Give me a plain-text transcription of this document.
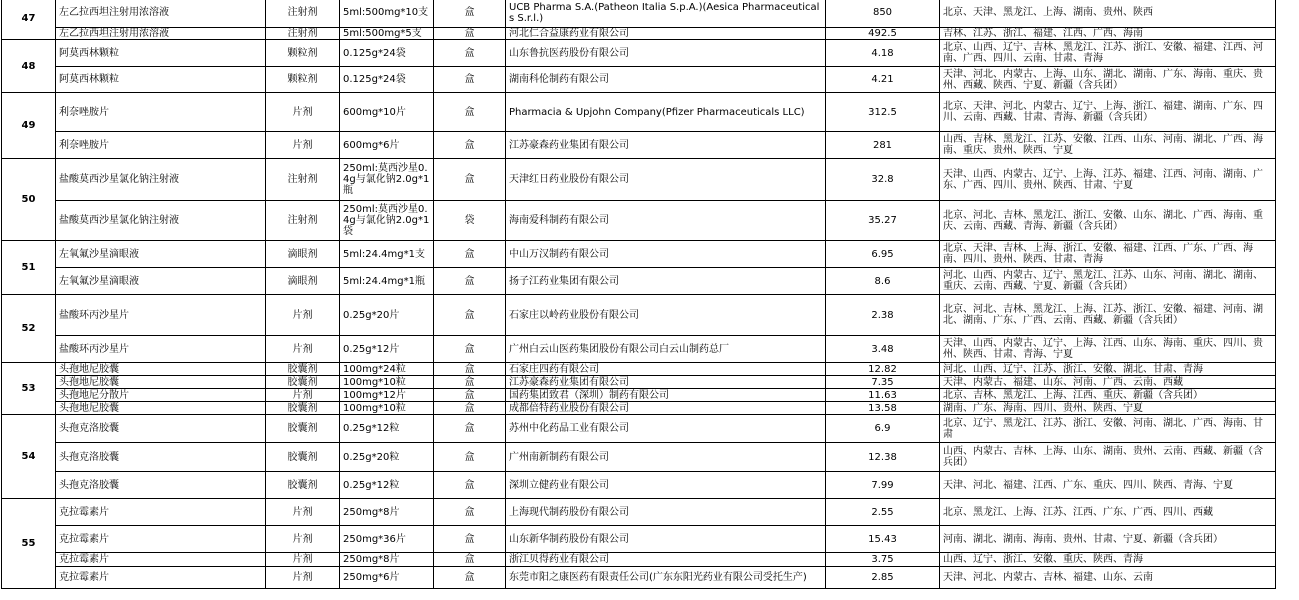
47	左乙拉西坦注射用浓溶液	注射剂	5ml:500mg*10支	盒	UCB Pharma S.A.(Patheon Italia S.p.A.)(Aesica Pharmaceuticals S.r.l.)	850	北京、天津、黑龙江、上海、湖南、贵州、陕西
	左乙拉西坦注射用浓溶液	注射剂	5ml:500mg*5支	盒	河北仁合益康药业有限公司	492.5	吉林、江苏、浙江、福建、江西、广西、海南
48	阿莫西林颗粒	颗粒剂	0.125g*24袋	盒	山东鲁抗医药股份有限公司	4.18	北京、山西、辽宁、吉林、黑龙江、江苏、浙江、安徽、福建、江西、河南、广西、四川、云南、甘肃、青海
	阿莫西林颗粒	颗粒剂	0.125g*24袋	盒	湖南科伦制药有限公司	4.21	天津、河北、内蒙古、上海、山东、湖北、湖南、广东、海南、重庆、贵州、西藏、陕西、宁夏、新疆（含兵团）
49	利奈唑胺片	片剂	600mg*10片	盒	Pharmacia & Upjohn Company(Pfizer Pharmaceuticals LLC)	312.5	北京、天津、河北、内蒙古、辽宁、上海、浙江、福建、湖南、广东、四川、云南、西藏、甘肃、青海、新疆（含兵团）
	利奈唑胺片	片剂	600mg*6片	盒	江苏豪森药业集团有限公司	281	山西、吉林、黑龙江、江苏、安徽、江西、山东、河南、湖北、广西、海南、重庆、贵州、陕西、宁夏
50	盐酸莫西沙星氯化钠注射液	注射剂	250ml:莫西沙星0.4g与氯化钠2.0g*1瓶	盒	天津红日药业股份有限公司	32.8	天津、山西、内蒙古、辽宁、上海、江苏、福建、江西、河南、湖南、广东、广西、四川、贵州、陕西、甘肃、宁夏
	盐酸莫西沙星氯化钠注射液	注射剂	250ml:莫西沙星0.4g与氯化钠2.0g*1袋	袋	海南爱科制药有限公司	35.27	北京、河北、吉林、黑龙江、浙江、安徽、山东、湖北、广西、海南、重庆、云南、西藏、青海、新疆（含兵团）
51	左氧氟沙星滴眼液	滴眼剂	5ml:24.4mg*1支	盒	中山万汉制药有限公司	6.95	北京、天津、吉林、上海、浙江、安徽、福建、江西、广东、广西、海南、四川、贵州、陕西、甘肃、青海
	左氧氟沙星滴眼液	滴眼剂	5ml:24.4mg*1瓶	盒	扬子江药业集团有限公司	8.6	河北、山西、内蒙古、辽宁、黑龙江、江苏、山东、河南、湖北、湖南、重庆、云南、西藏、宁夏、新疆（含兵团）
52	盐酸环丙沙星片	片剂	0.25g*20片	盒	石家庄以岭药业股份有限公司	2.38	北京、河北、吉林、黑龙江、上海、江苏、浙江、安徽、福建、河南、湖北、湖南、广东、广西、云南、西藏、新疆（含兵团）
	盐酸环丙沙星片	片剂	0.25g*12片	盒	广州白云山医药集团股份有限公司白云山制药总厂	3.48	天津、山西、内蒙古、辽宁、上海、江西、山东、海南、重庆、四川、贵州、陕西、甘肃、青海、宁夏
53	头孢地尼胶囊	胶囊剂	100mg*24粒	盒	石家庄四药有限公司	12.82	河北、山西、辽宁、江苏、浙江、安徽、湖北、甘肃、青海
	头孢地尼胶囊	胶囊剂	100mg*10粒	盒	江苏豪森药业集团有限公司	7.35	天津、内蒙古、福建、山东、河南、广西、云南、西藏
	头孢地尼分散片	片剂	100mg*12片	盒	国药集团致君（深圳）制药有限公司	11.63	北京、吉林、黑龙江、上海、江西、重庆、新疆（含兵团）
	头孢地尼胶囊	胶囊剂	100mg*10粒	盒	成都倍特药业股份有限公司	13.58	湖南、广东、海南、四川、贵州、陕西、宁夏
54	头孢克洛胶囊	胶囊剂	0.25g*12粒	盒	苏州中化药品工业有限公司	6.9	北京、辽宁、黑龙江、江苏、浙江、安徽、河南、湖北、广西、海南、甘肃
	头孢克洛胶囊	胶囊剂	0.25g*20粒	盒	广州南新制药有限公司	12.38	山西、内蒙古、吉林、上海、山东、湖南、贵州、云南、西藏、新疆（含兵团）
	头孢克洛胶囊	胶囊剂	0.25g*12粒	盒	深圳立健药业有限公司	7.99	天津、河北、福建、江西、广东、重庆、四川、陕西、青海、宁夏
55	克拉霉素片	片剂	250mg*8片	盒	上海现代制药股份有限公司	2.55	北京、黑龙江、上海、江苏、江西、广东、广西、四川、西藏
	克拉霉素片	片剂	250mg*36片	盒	山东新华制药股份有限公司	15.43	河南、湖北、湖南、海南、贵州、甘肃、宁夏、新疆（含兵团）
	克拉霉素片	片剂	250mg*8片	盒	浙江贝得药业有限公司	3.75	山西、辽宁、浙江、安徽、重庆、陕西、青海
	克拉霉素片	片剂	250mg*6片	盒	东莞市阳之康医药有限责任公司(广东东阳光药业有限公司受托生产)	2.85	天津、河北、内蒙古、吉林、福建、山东、云南
